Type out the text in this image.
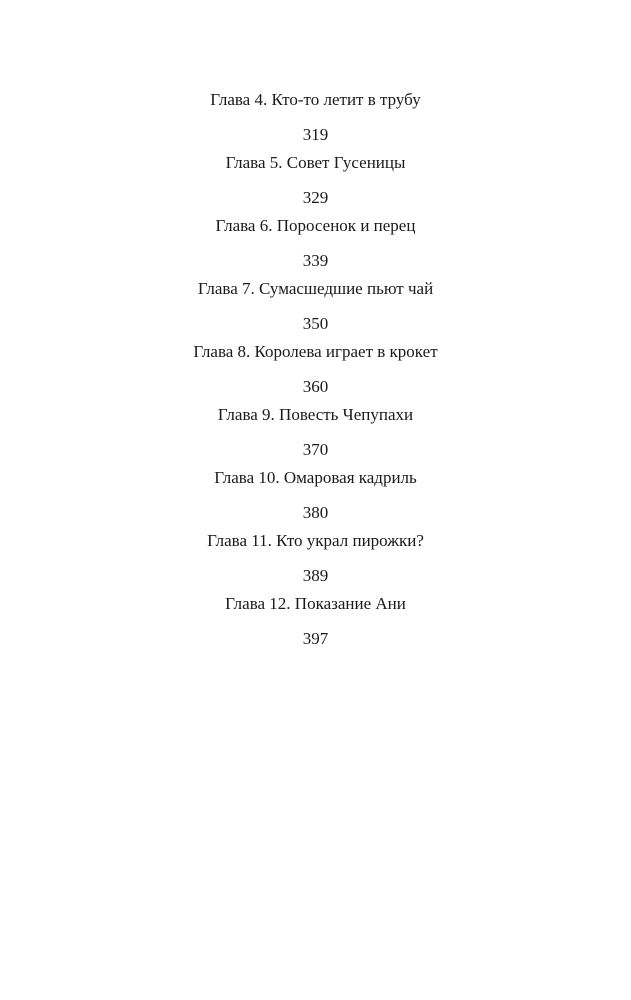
Глава 4. Кто-то летит в трубу
319
Глава 5. Совет Гусеницы
329
Глава 6. Поросенок и перец
339
Глава 7. Сумасшедшие пьют чай
350
Глава 8. Королева играет в крокет
360
Глава 9. Повесть Чепупахи
370
Глава 10. Омаровая кадриль
380
Глава 11. Кто украл пирожки?
389
Глава 12. Показание Ани
397
